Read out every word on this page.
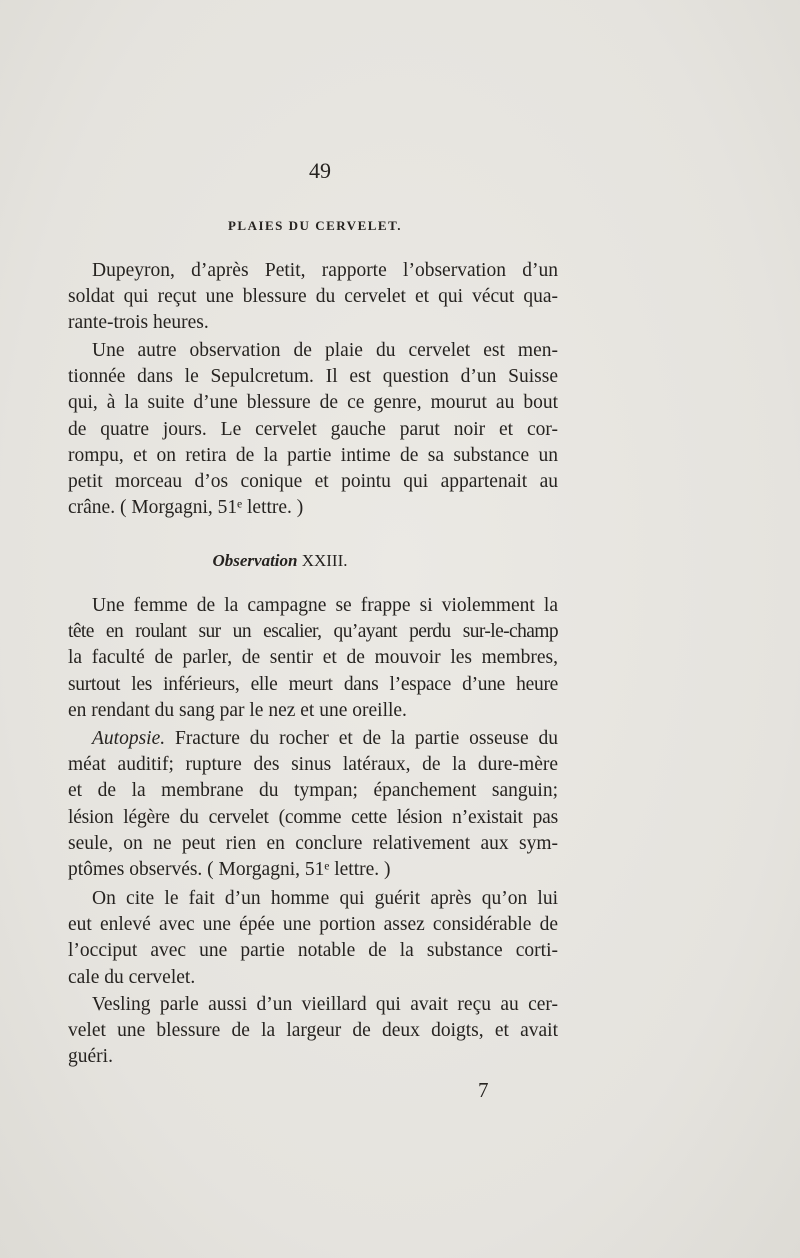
49
PLAIES DU CERVELET.
Dupeyron, d’après Petit, rapporte l’observation d’un
soldat qui reçut une blessure du cervelet et qui vécut qua-
rante-trois heures.
Une autre observation de plaie du cervelet est men-
tionnée dans le Sepulcretum. Il est question d’un Suisse
qui, à la suite d’une blessure de ce genre, mourut au bout
de quatre jours. Le cervelet gauche parut noir et cor-
rompu, et on retira de la partie intime de sa substance un
petit morceau d’os conique et pointu qui appartenait au
crâne. ( Morgagni, 51ᵉ lettre. )
Observation XXIII.
Une femme de la campagne se frappe si violemment la
tête en roulant sur un escalier, qu’ayant perdu sur-le-champ
la faculté de parler, de sentir et de mouvoir les membres,
surtout les inférieurs, elle meurt dans l’espace d’une heure
en rendant du sang par le nez et une oreille.
Autopsie. Fracture du rocher et de la partie osseuse du
méat auditif; rupture des sinus latéraux, de la dure-mère
et de la membrane du tympan; épanchement sanguin;
lésion légère du cervelet (comme cette lésion n’existait pas
seule, on ne peut rien en conclure relativement aux sym-
ptômes observés. ( Morgagni, 51ᵉ lettre. )
On cite le fait d’un homme qui guérit après qu’on lui
eut enlevé avec une épée une portion assez considérable de
l’occiput avec une partie notable de la substance corti-
cale du cervelet.
Vesling parle aussi d’un vieillard qui avait reçu au cer-
velet une blessure de la largeur de deux doigts, et avait
guéri.
7
